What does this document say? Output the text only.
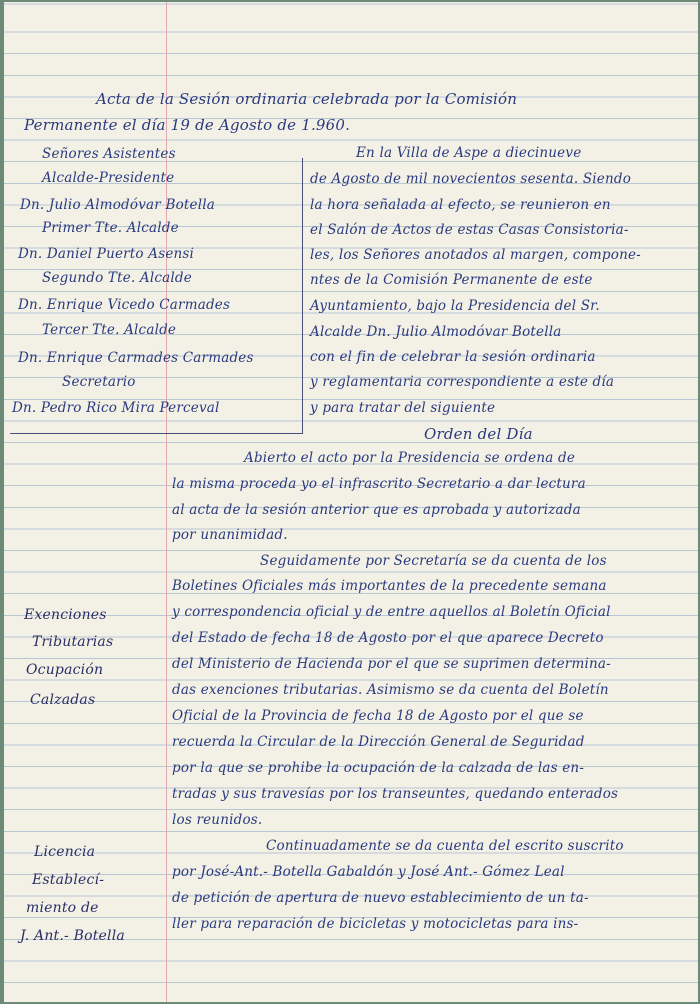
Acta de la Sesión ordinaria celebrada por la Comisión

Permanente el día 19 de Agosto de 1.960.

Señores Asistentes

Alcalde-Presidente

Dn. Julio Almodóvar Botella

Primer Tte. Alcalde

Dn. Daniel Puerto Asensi

Segundo Tte. Alcalde

Dn. Enrique Vicedo Carmades

Tercer Tte. Alcalde

Dn. Enrique Carmades Carmades

Secretario

Dn. Pedro Rico Mira Perceval

En la Villa de Aspe a diecinueve

de Agosto de mil novecientos sesenta. Siendo

la hora señalada al efecto, se reunieron en

el Salón de Actos de estas Casas Consistoria-

les, los Señores anotados al margen, compone-

ntes de la Comisión Permanente de este

Ayuntamiento, bajo la Presidencia del Sr.

Alcalde Dn. Julio Almodóvar Botella

con el fin de celebrar la sesión ordinaria

y reglamentaria correspondiente a este día

y para tratar del siguiente

Orden del Día

Abierto el acto por la Presidencia se ordena de

la misma proceda yo el infrascrito Secretario a dar lectura

al acta de la sesión anterior que es aprobada y autorizada

por unanimidad.

Seguidamente por Secretaría se da cuenta de los

Boletines Oficiales más importantes de la precedente semana

y correspondencia oficial y de entre aquellos al Boletín Oficial

del Estado de fecha 18 de Agosto por el que aparece Decreto

del Ministerio de Hacienda por el que se suprimen determina-

das exenciones tributarias. Asimismo se da cuenta del Boletín

Oficial de la Provincia de fecha 18 de Agosto por el que se

recuerda la Circular de la Dirección General de Seguridad

por la que se prohibe la ocupación de la calzada de las en-

tradas y sus travesías por los transeuntes, quedando enterados

los reunidos.

Continuadamente se da cuenta del escrito suscrito

por José-Ant.- Botella Gabaldón y José Ant.- Gómez Leal

de petición de apertura de nuevo establecimiento de un ta-

ller para reparación de bicicletas y motocicletas para ins-

Exenciones

Tributarias

Ocupación

Calzadas

Licencia

Establecí-

miento de

J. Ant.- Botella
